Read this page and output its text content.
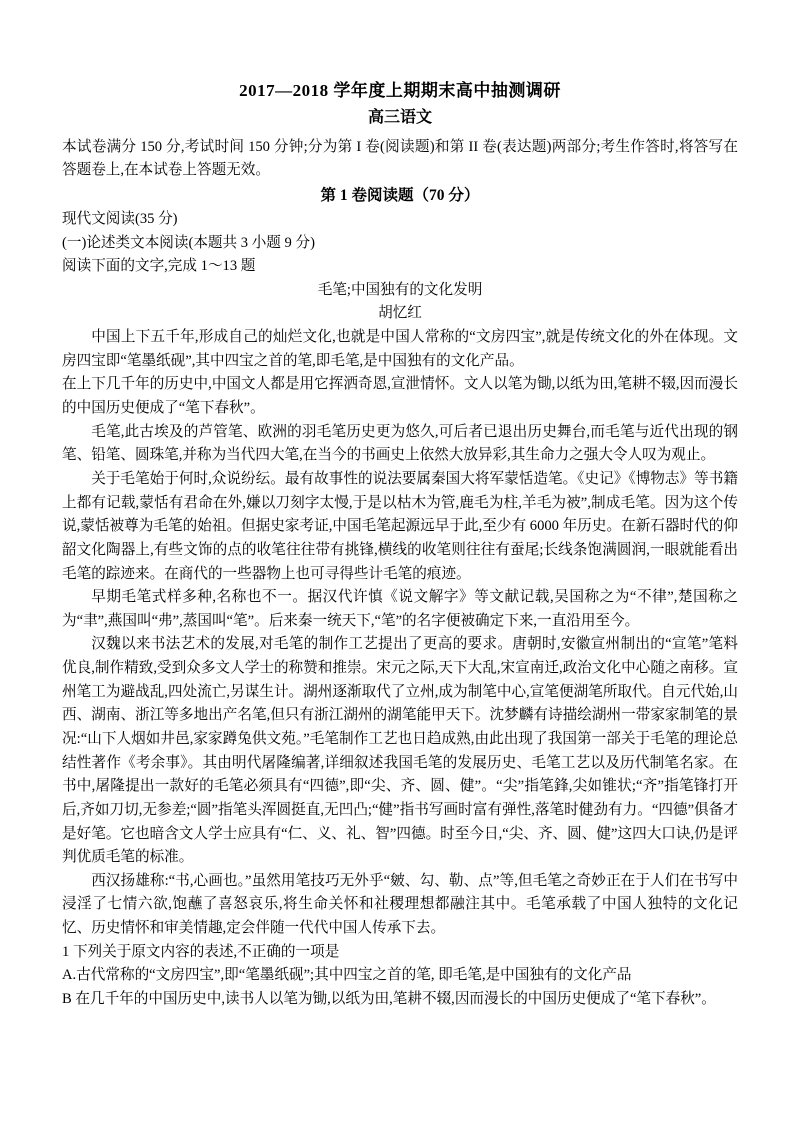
2017—2018 学年度上期期末高中抽测调研
高三语文

本试卷满分 150 分,考试时间 150 分钟;分为第 I 卷(阅读题)和第 II 卷(表达题)两部分;考生作答时,将答写在答题卷上,在本试卷上答题无效。

第 1 卷阅读题（70 分）

现代文阅读(35 分)

(一)论述类文本阅读(本题共 3 小题 9 分)

阅读下面的文字,完成 1～13 题

毛笔;中国独有的文化发明

胡忆红

中国上下五千年,形成自己的灿烂文化,也就是中国人常称的“文房四宝”,就是传统文化的外在体现。文房四宝即“笔墨纸砚”,其中四宝之首的笔,即毛笔,是中国独有的文化产品。

在上下几千年的历史中,中国文人都是用它挥洒奇恩,宣泄情怀。文人以笔为锄,以纸为田,笔耕不辍,因而漫长的中国历史便成了“笔下春秋”。

毛笔,此古埃及的芦管笔、欧洲的羽毛笔历史更为悠久,可后者已退出历史舞台,而毛笔与近代出现的钢笔、铅笔、圆珠笔,并称为当代四大笔,在当今的书画史上依然大放异彩,其生命力之强大令人叹为观止。

关于毛笔始于何时,众说纷纭。最有故事性的说法要属秦国大将军蒙恬造笔。《史记》《博物志》等书籍上都有记载,蒙恬有君命在外,嫌以刀刻字太慢,于是以枯木为管,鹿毛为柱,羊毛为被”,制成毛笔。因为这个传说,蒙恬被尊为毛笔的始祖。但据史家考证,中国毛笔起源远早于此,至少有 6000 年历史。在新石器时代的仰韶文化陶器上,有些文饰的点的收笔往往带有挑锋,横线的收笔则往往有蚕尾;长线条饱满圆润,一眼就能看出毛笔的踪迹来。在商代的一些器物上也可寻得些计毛笔的痕迹。

早期毛笔式样多种,名称也不一。据汉代许慎《说文解字》等文献记载,吴国称之为“不律”,楚国称之为“聿”,燕国叫“弗”,蒸国叫“笔”。后来秦一统天下,“笔”的名字便被确定下来,一直沿用至今。

汉魏以来书法艺术的发展,对毛笔的制作工艺提出了更高的要求。唐朝时,安徽宣州制出的“宣笔”笔料优良,制作精致,受到众多文人学士的称赞和推崇。宋元之际,天下大乱,宋宣南迁,政治文化中心随之南移。宣州笔工为避战乱,四处流亡,另谋生计。湖州逐渐取代了立州,成为制笔中心,宣笔便湖笔所取代。自元代始,山西、湖南、浙江等多地出产名笔,但只有浙江湖州的湖笔能甲天下。沈梦麟有诗描绘湖州一带家家制笔的景况:“山下人烟如井邑,家家蹲兔供文苑。”毛笔制作工艺也日趋成熟,由此出现了我国第一部关于毛笔的理论总结性著作《考余事》。其由明代屠隆编著,详细叙述我国毛笔的发展历史、毛笔工艺以及历代制笔名家。在书中,屠隆提出一款好的毛笔必须具有“四德”,即“尖、齐、圆、健”。“尖”指笔鋒,尖如锥状;“齐”指笔锋打开后,齐如刀切,无参差;“圆”指笔头浑圆挺直,无凹凸;“健”指书写画时富有弹性,落笔时健劲有力。“四德”俱备才是好笔。它也暗含文人学士应具有“仁、义、礼、智”四德。时至今日,“尖、齐、圆、健”这四大口诀,仍是评判优质毛笔的标准。

西汉扬雄称:“书,心画也。”虽然用笔技巧无外乎“皴、勾、勒、点”等,但毛笔之奇妙正在于人们在书写中浸淫了七情六欲,饱蘸了喜怒哀乐,将生命关怀和社稷理想都融注其中。毛笔承载了中国人独特的文化记忆、历史情怀和审美情趣,定会伴随一代代中国人传承下去。

1 下列关于原文内容的表述,不正确的一项是

A.古代常称的“文房四宝”,即“笔墨纸砚”;其中四宝之首的笔, 即毛笔,是中国独有的文化产品

B 在几千年的中国历史中,读书人以笔为锄,以纸为田,笔耕不辍,因而漫长的中国历史便成了“笔下春秋”。
